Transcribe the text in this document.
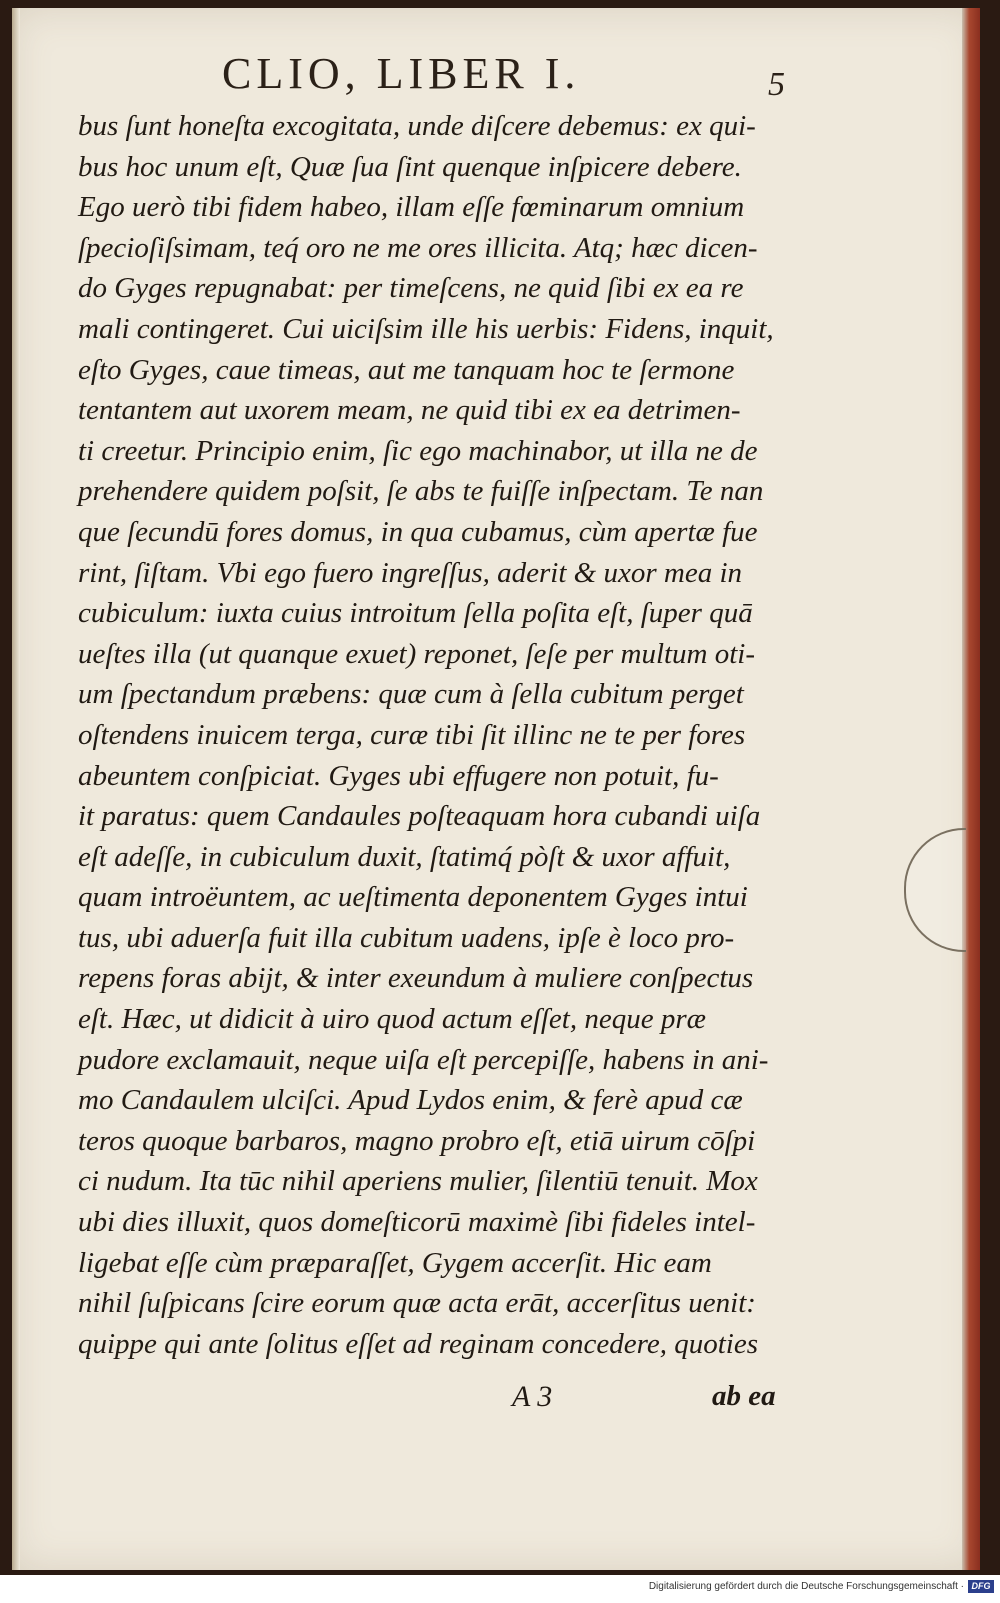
CLIO, LIBER I.	5
bus ſunt honeſta excogitata, unde diſcere debemus: ex qui-
bus hoc unum eſt, Quæ ſua ſint quenque inſpicere debere.
Ego uerò tibi fidem habeo, illam eſſe fœminarum omnium
ſpecioſiſsimam, teq́ oro ne me ores illicita. Atq; hæc dicen-
do Gyges repugnabat: per timeſcens, ne quid ſibi ex ea re
mali contingeret. Cui uiciſsim ille his uerbis: Fidens, inquit,
eſto Gyges, caue timeas, aut me tanquam hoc te ſermone
tentantem aut uxorem meam, ne quid tibi ex ea detrimen-
ti creetur. Principio enim, ſic ego machinabor, ut illa ne de
prehendere quidem poſsit, ſe abs te fuiſſe inſpectam. Te nan
que ſecundū fores domus, in qua cubamus, cùm apertæ fue
rint, ſiſtam. Vbi ego fuero ingreſſus, aderit & uxor mea in
cubiculum: iuxta cuius introitum ſella poſita eſt, ſuper quā
ueſtes illa (ut quanque exuet) reponet, ſeſe per multum oti-
um ſpectandum præbens: quæ cum à ſella cubitum perget
oſtendens inuicem terga, curæ tibi ſit illinc ne te per fores
abeuntem conſpiciat. Gyges ubi effugere non potuit, fu-
it paratus: quem Candaules poſteaquam hora cubandi uiſa
eſt adeſſe, in cubiculum duxit, ſtatimq́ pòſt & uxor affuit,
quam introëuntem, ac ueſtimenta deponentem Gyges intui
tus, ubi aduerſa fuit illa cubitum uadens, ipſe è loco pro-
repens foras abijt, & inter exeundum à muliere conſpectus
eſt. Hæc, ut didicit à uiro quod actum eſſet, neque præ
pudore exclamauit, neque uiſa eſt percepiſſe, habens in ani-
mo Candaulem ulciſci. Apud Lydos enim, & ferè apud cæ
teros quoque barbaros, magno probro eſt, etiā uirum cōſpi
ci nudum. Ita tūc nihil aperiens mulier, ſilentiū tenuit. Mox
ubi dies illuxit, quos domeſticorū maximè ſibi fideles intel-
ligebat eſſe cùm præparaſſet, Gygem accerſit. Hic eam
nihil ſuſpicans ſcire eorum quæ acta erāt, accerſitus uenit:
quippe qui ante ſolitus eſſet ad reginam concedere, quoties
A 3	ab ea
Digitalisierung gefördert durch die Deutsche Forschungsgemeinschaft · DFG
